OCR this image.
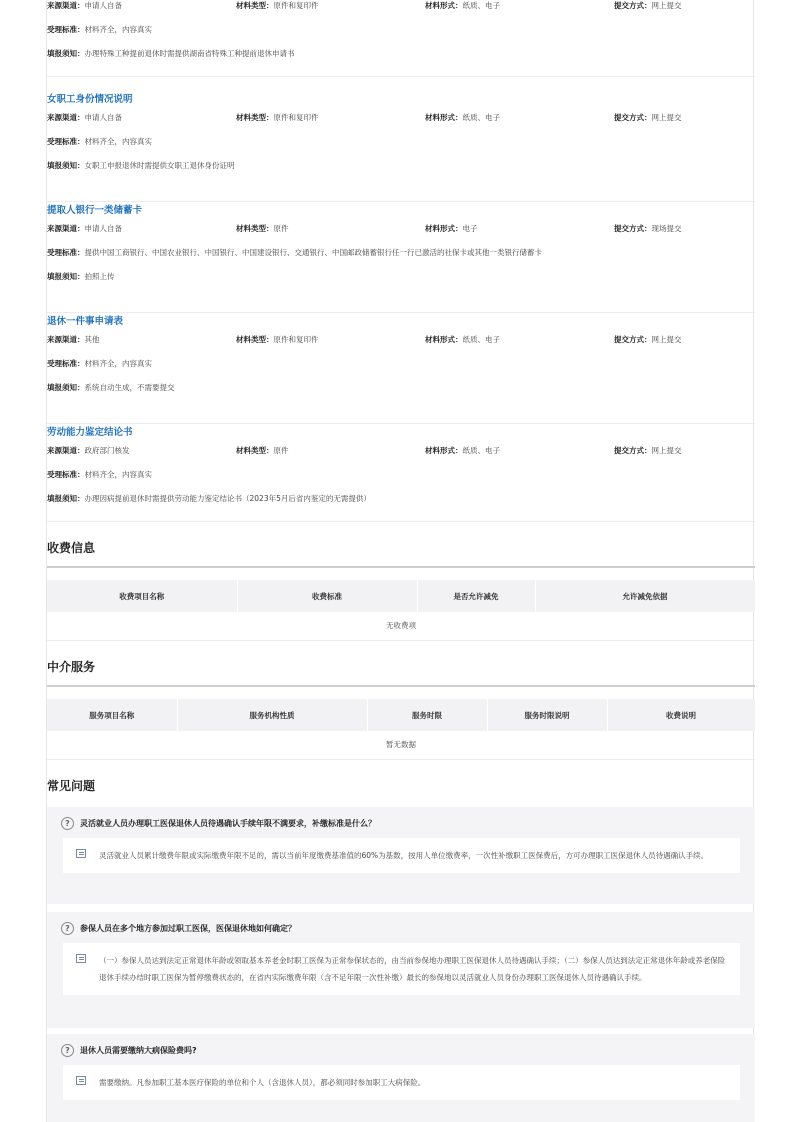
来源渠道：申请人自备	材料类型：原件和复印件	材料形式：纸质、电子	提交方式：网上提交
受理标准：材料齐全，内容真实
填报须知：办理特殊工种提前退休时需提供湖南省特殊工种提前退休申请书
女职工身份情况说明
来源渠道：申请人自备	材料类型：原件和复印件	材料形式：纸质、电子	提交方式：网上提交
受理标准：材料齐全，内容真实
填报须知：女职工申报退休时需提供女职工退休身份证明
提取人银行一类储蓄卡
来源渠道：申请人自备	材料类型：原件	材料形式：电子	提交方式：现场提交
受理标准：提供中国工商银行、中国农业银行、中国银行、中国建设银行、交通银行、中国邮政储蓄银行任一行已激活的社保卡或其他一类银行储蓄卡
填报须知：拍照上传
退休一件事申请表
来源渠道：其他	材料类型：原件和复印件	材料形式：纸质、电子	提交方式：网上提交
受理标准：材料齐全，内容真实
填报须知：系统自动生成，不需要提交
劳动能力鉴定结论书
来源渠道：政府部门核发	材料类型：原件	材料形式：纸质、电子	提交方式：网上提交
受理标准：材料齐全，内容真实
填报须知：办理因病提前退休时需提供劳动能力鉴定结论书（2023年5月后省内鉴定的无需提供）
收费信息
收费项目名称	收费标准	是否允许减免	允许减免依据
无收费项
中介服务
服务项目名称	服务机构性质	服务时限	服务时限说明	收费说明
暂无数据
常见问题
? 灵活就业人员办理职工医保退休人员待遇确认手续年限不满要求，补缴标准是什么？
灵活就业人员累计缴费年限或实际缴费年限不足的，需以当前年度缴费基准值的60%为基数，按用人单位缴费率，一次性补缴职工医保费后，方可办理职工医保退休人员待遇确认手续。
? 参保人员在多个地方参加过职工医保，医保退休地如何确定？
（一）参保人员达到法定正常退休年龄或领取基本养老金时职工医保为正常参保状态的，由当前参保地办理职工医保退休人员待遇确认手续；（二）参保人员达到法定正常退休年龄或养老保险退休手续办结时职工医保为暂停缴费状态的，在省内实际缴费年限（含不足年限一次性补缴）最长的参保地以灵活就业人员身份办理职工医保退休人员待遇确认手续。
? 退休人员需要缴纳大病保险费吗?
需要缴纳。凡参加职工基本医疗保险的单位和个人（含退休人员），都必须同时参加职工大病保险。
